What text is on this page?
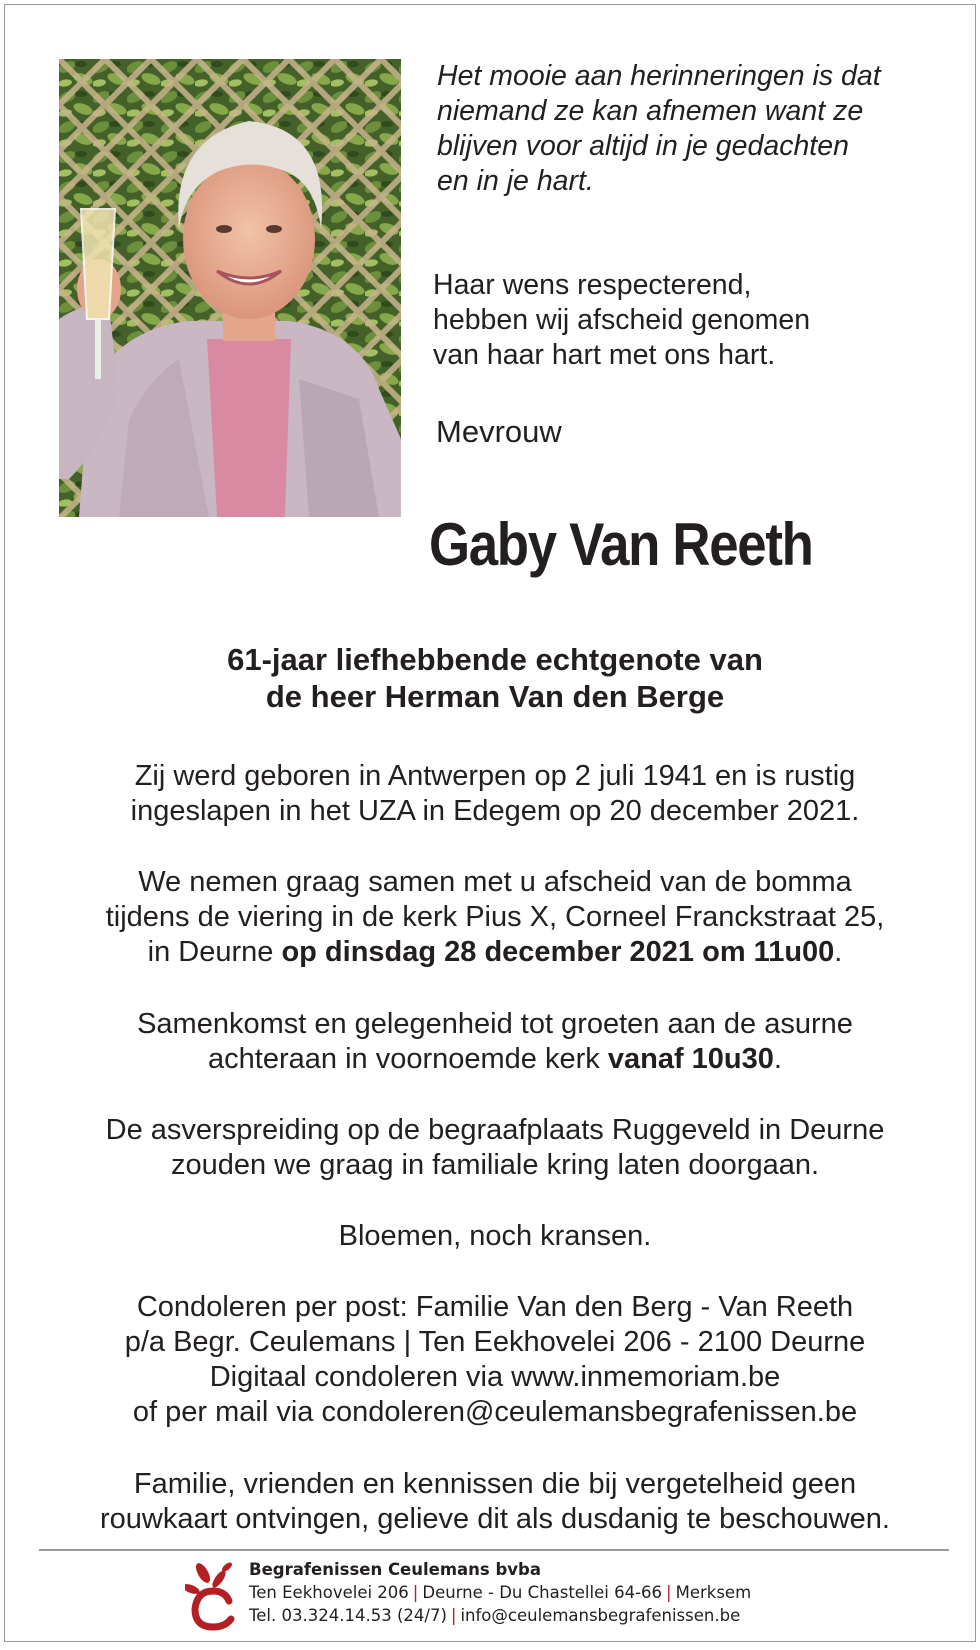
Het mooie aan herinneringen is dat
niemand ze kan afnemen want ze
blijven voor altijd in je gedachten
en in je hart.
Haar wens respecterend,
hebben wij afscheid genomen
van haar hart met ons hart.
Mevrouw
Gaby Van Reeth
61-jaar liefhebbende echtgenote van
de heer Herman Van den Berge
Zij werd geboren in Antwerpen op 2 juli 1941 en is rustig
ingeslapen in het UZA in Edegem op 20 december 2021.
We nemen graag samen met u afscheid van de bomma
tijdens de viering in de kerk Pius X, Corneel Franckstraat 25,
in Deurne op dinsdag 28 december 2021 om 11u00.
Samenkomst en gelegenheid tot groeten aan de asurne
achteraan in voornoemde kerk vanaf 10u30.
De asverspreiding op de begraafplaats Ruggeveld in Deurne
zouden we graag in familiale kring laten doorgaan.
Bloemen, noch kransen.
Condoleren per post: Familie Van den Berg - Van Reeth
p/a Begr. Ceulemans | Ten Eekhovelei 206 - 2100 Deurne
Digitaal condoleren via www.inmemoriam.be
of per mail via condoleren@ceulemansbegrafenissen.be
Familie, vrienden en kennissen die bij vergetelheid geen
rouwkaart ontvingen, gelieve dit als dusdanig te beschouwen.
Begrafenissen Ceulemans bvba
Ten Eekhovelei 206 | Deurne - Du Chastellei 64-66 | Merksem
Tel. 03.324.14.53 (24/7) | info@ceulemansbegrafenissen.be
